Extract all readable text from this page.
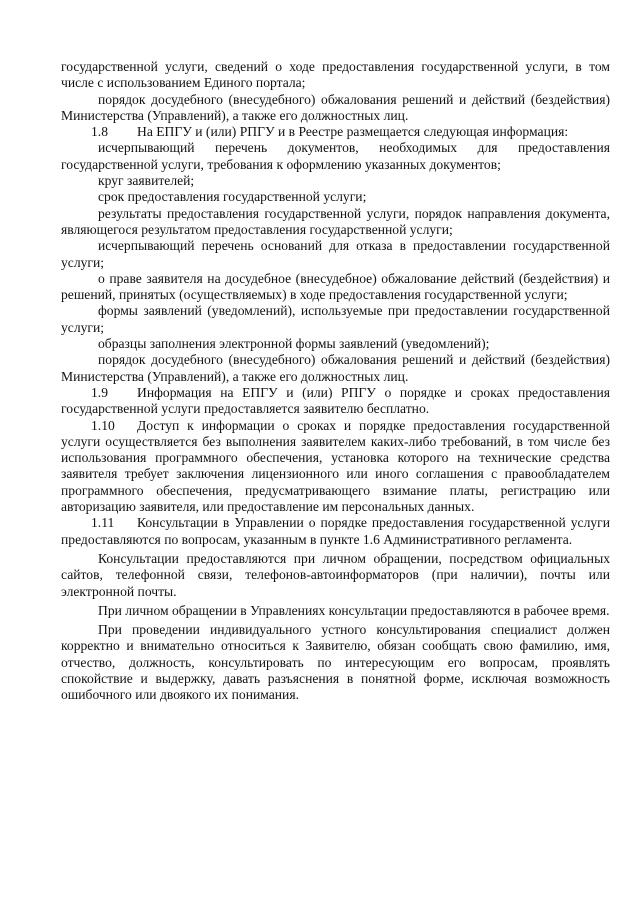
государственной услуги, сведений о ходе предоставления государственной услуги, в том числе с использованием Единого портала;

порядок досудебного (внесудебного) обжалования решений и действий (бездействия) Министерства (Управлений), а также его должностных лиц.

1.8 На ЕПГУ и (или) РПГУ и в Реестре размещается следующая информация:

исчерпывающий перечень документов, необходимых для предоставления государственной услуги, требования к оформлению указанных документов;

круг заявителей;

срок предоставления государственной услуги;

результаты предоставления государственной услуги, порядок направления документа, являющегося результатом предоставления государственной услуги;

исчерпывающий перечень оснований для отказа в предоставлении государственной услуги;

о праве заявителя на досудебное (внесудебное) обжалование действий (бездействия) и решений, принятых (осуществляемых) в ходе предоставления государственной услуги;

формы заявлений (уведомлений), используемые при предоставлении государственной услуги;

образцы заполнения электронной формы заявлений (уведомлений);

порядок досудебного (внесудебного) обжалования решений и действий (бездействия) Министерства (Управлений), а также его должностных лиц.

1.9 Информация на ЕПГУ и (или) РПГУ о порядке и сроках предоставления государственной услуги предоставляется заявителю бесплатно.

1.10 Доступ к информации о сроках и порядке предоставления государственной услуги осуществляется без выполнения заявителем каких-либо требований, в том числе без использования программного обеспечения, установка которого на технические средства заявителя требует заключения лицензионного или иного соглашения с правообладателем программного обеспечения, предусматривающего взимание платы, регистрацию или авторизацию заявителя, или предоставление им персональных данных.

1.11 Консультации в Управлении о порядке предоставления государственной услуги предоставляются по вопросам, указанным в пункте 1.6 Административного регламента.

Консультации предоставляются при личном обращении, посредством официальных сайтов, телефонной связи, телефонов-автоинформаторов (при наличии), почты или электронной почты.

При личном обращении в Управлениях консультации предоставляются в рабочее время.

При проведении индивидуального устного консультирования специалист должен корректно и внимательно относиться к Заявителю, обязан сообщать свою фамилию, имя, отчество, должность, консультировать по интересующим его вопросам, проявлять спокойствие и выдержку, давать разъяснения в понятной форме, исключая возможность ошибочного или двоякого их понимания.
